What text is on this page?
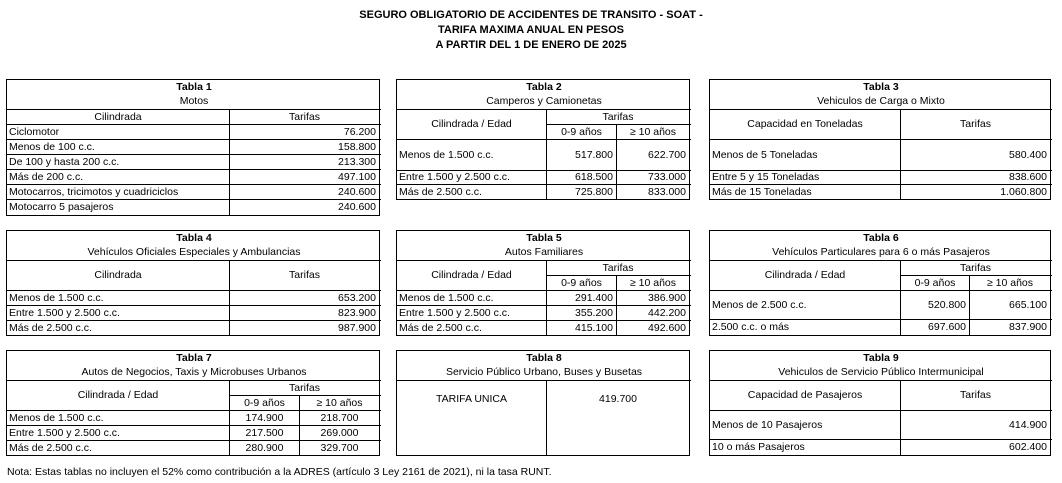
SEGURO OBLIGATORIO DE ACCIDENTES DE TRANSITO - SOAT -
TARIFA MAXIMA ANUAL EN PESOS
A PARTIR DEL 1 DE ENERO DE 2025
Tabla 1
Motos
Cilindrada	Tarifas
Ciclomotor	76.200
Menos de 100 c.c.	158.800
De 100 y hasta 200 c.c.	213.300
Más de 200 c.c.	497.100
Motocarros, tricimotos y cuadriciclos	240.600
Motocarro 5 pasajeros	240.600
Tabla 2
Camperos y Camionetas
Cilindrada / Edad
Tarifas
0-9 años	≥ 10 años
Menos de 1.500 c.c.	517.800	622.700
Entre 1.500 y 2.500 c.c.	618.500	733.000
Más de 2.500 c.c.	725.800	833.000
Tabla 3
Vehiculos de Carga o Mixto
Capacidad en Toneladas	Tarifas
Menos de 5 Toneladas	580.400
Entre 5 y 15 Toneladas	838.600
Más de 15 Toneladas	1.060.800
Tabla 4
Vehículos Oficiales Especiales y Ambulancias
Cilindrada	Tarifas
Menos de 1.500 c.c.	653.200
Entre 1.500 y 2.500 c.c.	823.900
Más de 2.500 c.c.	987.900
Tabla 5
Autos Familiares
Cilindrada / Edad
Tarifas
0-9 años	≥ 10 años
Menos de 1.500 c.c.	291.400	386.900
Entre 1.500 y 2.500 c.c.	355.200	442.200
Más de 2.500 c.c.	415.100	492.600
Tabla 6
Vehículos Particulares para 6 o más Pasajeros
Cilindrada / Edad
Tarifas
0-9 años	≥ 10 años
Menos de 2.500 c.c.	520.800	665.100
2.500 c.c. o más	697.600	837.900
Tabla 7
Autos de Negocios, Taxis y Microbuses Urbanos
Cilindrada / Edad
Tarifas
0-9 años	≥ 10 años
Menos de 1.500 c.c.	174.900	218.700
Entre 1.500 y 2.500 c.c.	217.500	269.000
Más de 2.500 c.c.	280.900	329.700
Tabla 8
Servicio Público Urbano, Buses y Busetas
TARIFA UNICA	419.700
Tabla 9
Vehiculos de Servicio Público Intermunicipal
Capacidad de Pasajeros	Tarifas
Menos de 10 Pasajeros	414.900
10 o más Pasajeros	602.400
Nota: Estas tablas no incluyen el 52% como contribución a la ADRES (artículo 3 Ley 2161 de 2021), ni la tasa RUNT.
